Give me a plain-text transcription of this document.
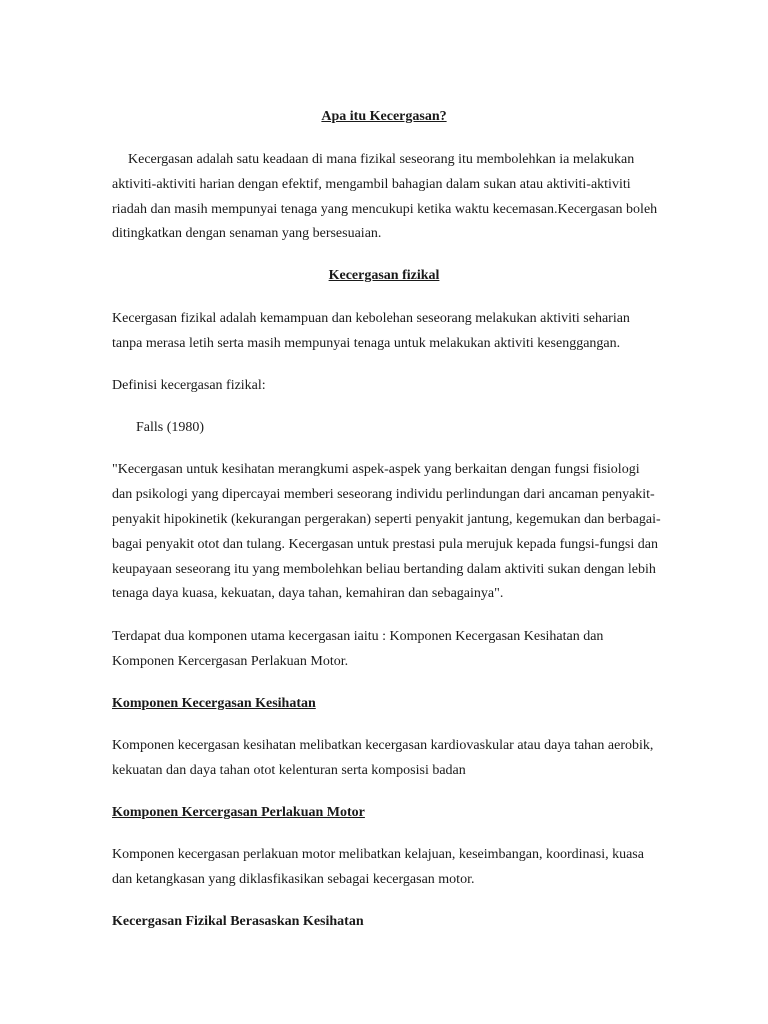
Apa itu Kecergasan?
Kecergasan adalah satu keadaan di mana fizikal seseorang itu membolehkan ia melakukan
aktiviti-aktiviti harian dengan efektif, mengambil bahagian dalam sukan atau aktiviti-aktiviti
riadah dan masih mempunyai tenaga yang mencukupi ketika waktu kecemasan.Kecergasan boleh
ditingkatkan dengan senaman yang bersesuaian.
Kecergasan fizikal
Kecergasan fizikal adalah kemampuan dan kebolehan seseorang melakukan aktiviti seharian
tanpa merasa letih serta masih mempunyai tenaga untuk melakukan aktiviti kesenggangan.
Definisi kecergasan fizikal:
Falls (1980)
"Kecergasan untuk kesihatan merangkumi aspek-aspek yang berkaitan dengan fungsi fisiologi
dan psikologi yang dipercayai memberi seseorang individu perlindungan dari ancaman penyakit-
penyakit hipokinetik (kekurangan pergerakan) seperti penyakit jantung, kegemukan dan berbagai-
bagai penyakit otot dan tulang. Kecergasan untuk prestasi pula merujuk kepada fungsi-fungsi dan
keupayaan seseorang itu yang membolehkan beliau bertanding dalam aktiviti sukan dengan lebih
tenaga daya kuasa, kekuatan, daya tahan, kemahiran dan sebagainya".
Terdapat dua komponen utama kecergasan iaitu : Komponen Kecergasan Kesihatan dan
Komponen Kercergasan Perlakuan Motor.
Komponen Kecergasan Kesihatan
Komponen kecergasan kesihatan melibatkan kecergasan kardiovaskular atau daya tahan aerobik,
kekuatan dan daya tahan otot kelenturan serta komposisi badan
Komponen Kercergasan Perlakuan Motor
Komponen kecergasan perlakuan motor melibatkan kelajuan, keseimbangan, koordinasi, kuasa
dan ketangkasan yang diklasfikasikan sebagai kecergasan motor.
Kecergasan Fizikal Berasaskan Kesihatan
